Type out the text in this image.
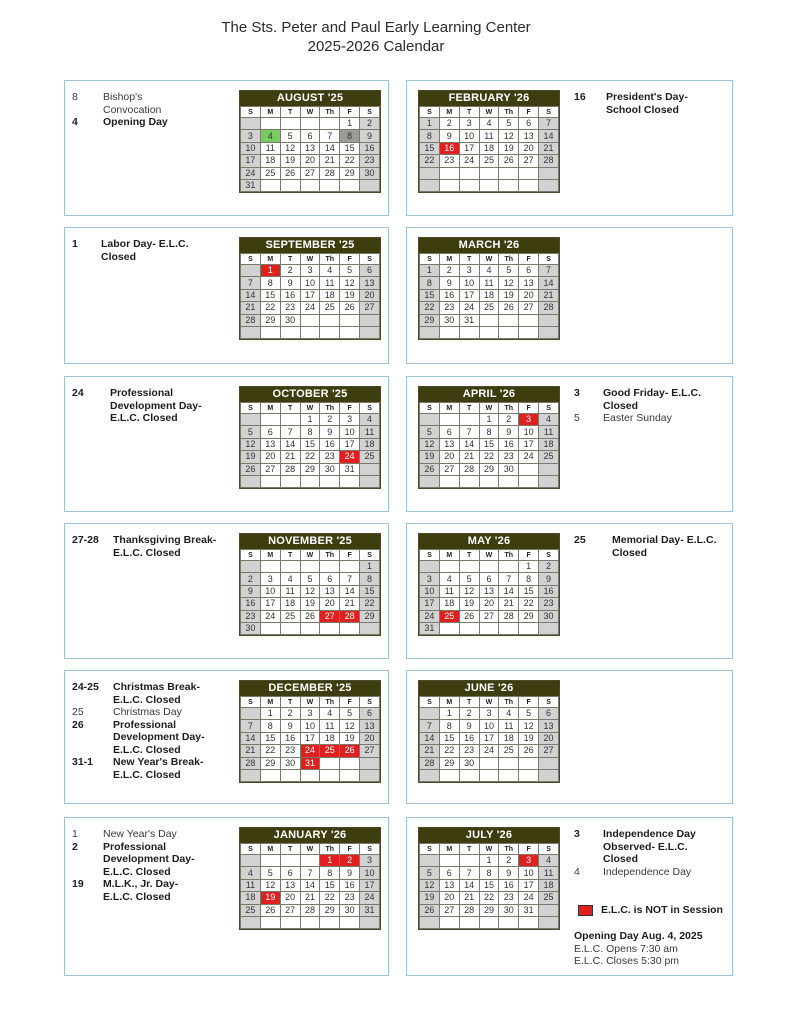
The Sts. Peter and Paul Early Learning Center
2025-2026 Calendar
AUGUST '25
S	M	T	W	Th	F	S
					1	2
3	4	5	6	7	8	9
10	11	12	13	14	15	16
17	18	19	20	21	22	23
24	25	26	27	28	29	30
31						
FEBRUARY '26
S	M	T	W	Th	F	S
1	2	3	4	5	6	7
8	9	10	11	12	13	14
15	16	17	18	19	20	21
22	23	24	25	26	27	28

8 Bishop's Convocation
4 Opening Day
16 President's Day- School Closed
SEPTEMBER '25
S	M	T	W	Th	F	S
	1	2	3	4	5	6
7	8	9	10	11	12	13
14	15	16	17	18	19	20
21	22	23	24	25	26	27
28	29	30				

MARCH '26
S	M	T	W	Th	F	S
1	2	3	4	5	6	7
8	9	10	11	12	13	14
15	16	17	18	19	20	21
22	23	24	25	26	27	28
29	30	31				

1 Labor Day- E.L.C. Closed
OCTOBER '25
S	M	T	W	Th	F	S
			1	2	3	4
5	6	7	8	9	10	11
12	13	14	15	16	17	18
19	20	21	22	23	24	25
26	27	28	29	30	31	

APRIL '26
S	M	T	W	Th	F	S
			1	2	3	4
5	6	7	8	9	10	11
12	13	14	15	16	17	18
19	20	21	22	23	24	25
26	27	28	29	30		

24	Professional Development Day- E.L.C. Closed
3 Good Friday- E.L.C. Closed
5 Easter Sunday
NOVEMBER '25
S	M	T	W	Th	F	S
						1
2	3	4	5	6	7	8
9	10	11	12	13	14	15
16	17	18	19	20	21	22
23	24	25	26	27	28	29
30						
MAY '26
S	M	T	W	Th	F	S
					1	2
3	4	5	6	7	8	9
10	11	12	13	14	15	16
17	18	19	20	21	22	23
24	25	26	27	28	29	30
31						
27-28 Thanksgiving Break- E.L.C. Closed
25	Memorial Day- E.L.C. Closed
DECEMBER '25
S	M	T	W	Th	F	S
	1	2	3	4	5	6
7	8	9	10	11	12	13
14	15	16	17	18	19	20
21	22	23	24	25	26	27
28	29	30	31			

JUNE '26
S	M	T	W	Th	F	S
	1	2	3	4	5	6
7	8	9	10	11	12	13
14	15	16	17	18	19	20
21	22	23	24	25	26	27
28	29	30				

24-25 Christmas Break- E.L.C. Closed
25	Christmas Day
26	Professional Development Day- E.L.C. Closed
31-1 New Year's Break- E.L.C. Closed
JANUARY '26
S	M	T	W	Th	F	S
				1	2	3
4	5	6	7	8	9	10
11	12	13	14	15	16	17
18	19	20	21	22	23	24
25	26	27	28	29	30	31

JULY '26
S	M	T	W	Th	F	S
			1	2	3	4
5	6	7	8	9	10	11
12	13	14	15	16	17	18
19	20	21	22	23	24	25
26	27	28	29	30	31	

1 New Year's Day
2 Professional Development Day- E.L.C. Closed
19 M.L.K., Jr. Day- E.L.C. Closed
3 Independence Day Observed- E.L.C. Closed
4 Independence Day
E.L.C. is NOT in Session
Opening Day Aug. 4, 2025
E.L.C. Opens 7:30 am
E.L.C. Closes 5:30 pm
